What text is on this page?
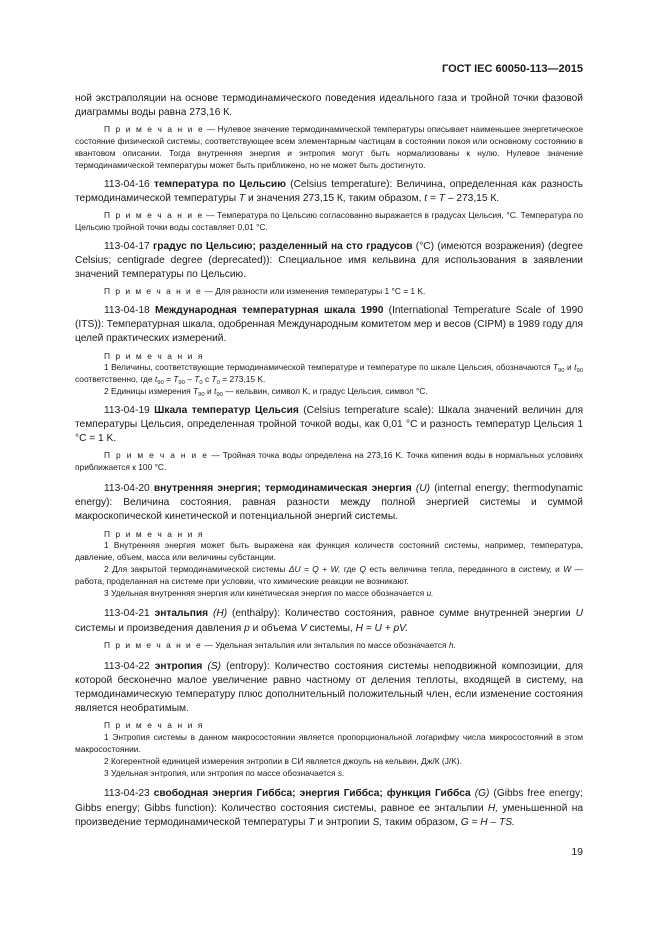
ГОСТ IEC 60050-113—2015

ной экстраполяции на основе термодинамического поведения идеального газа и тройной точки фазовой диаграммы воды равна 273,16 К.

П р и м е ч а н и е — Нулевое значение термодинамической температуры описывает наименьшее энергетическое состояние физической системы, соответствующее всем элементарным частицам в состоянии покоя или основному состоянию в квантовом описании. Тогда внутренняя энергия и энтропия могут быть нормализованы к нулю. Нулевое значение термодинамической температуры может быть приближено, но не может быть достигнуто.

113-04-16 температура по Цельсию (Celsius temperature): Величина, определенная как разность термодинамической температуры T и значения 273,15 К, таким образом, t = T – 273,15 К.

П р и м е ч а н и е — Температура по Цельсию согласованно выражается в градусах Цельсия, °C. Температура по Цельсию тройной точки воды составляет 0,01 °C.

113-04-17 градус по Цельсию; разделенный на сто градусов (°C) (имеются возражения) (degree Celsius; centigrade degree (deprecated)): Специальное имя кельвина для использования в заявлении значений температуры по Цельсию.

П р и м е ч а н и е — Для разности или изменения температуры 1 °C = 1 K.

113-04-18 Международная температурная шкала 1990 (International Temperature Scale of 1990 (ITS)): Температурная шкала, одобренная Международным комитетом мер и весов (CIPM) в 1989 году для целей практических измерений.

П р и м е ч а н и я

1 Величины, соответствующие термодинамической температуре и температуре по шкале Цельсия, обозначаются $T_{90}$ и $t_{90}$ соответственно, где $t_{90} = T_{90} - T_0$ с $T_0 = 273,15$ K.

2 Единицы измерения $T_{90}$ и $t_{90}$ — кельвин, символ K, и градус Цельсия, символ °C.

113-04-19 Шкала температур Цельсия (Celsius temperature scale): Шкала значений величин для температуры Цельсия, определенная тройной точкой воды, как 0,01 °C и разность температур Цельсия 1 °C = 1 K.

П р и м е ч а н и е — Тройная точка воды определена на 273,16 K. Точка кипения воды в нормальных условиях приближается к 100 °C.

113-04-20 внутренняя энергия; термодинамическая энергия (U) (internal energy; thermodynamic energy): Величина состояния, равная разности между полной энергией системы и суммой макроскопической кинетической и потенциальной энергий системы.

П р и м е ч а н и я

1 Внутренняя энергия может быть выражена как функция количеств состояний системы, например, температура, давление, объем, масса или величины субстанции.

2 Для закрытой термодинамической системы ΔU = Q + W, где Q есть величина тепла, переданного в систему, и W — работа, проделанная на системе при условии, что химические реакции не возникают.

3 Удельная внутренняя энергия или кинетическая энергия по массе обозначается u.

113-04-21 энтальпия (H) (enthalpy): Количество состояния, равное сумме внутренней энергии U системы и произведения давления p и объема V системы, H = U + pV.

П р и м е ч а н и е — Удельная энтальпия или энтальпия по массе обозначается h.

113-04-22 энтропия (S) (entropy): Количество состояния системы неподвижной композиции, для которой бесконечно малое увеличение равно частному от деления теплоты, входящей в систему, на термодинамическую температуру плюс дополнительный положительный член, если изменение состояния является необратимым.

П р и м е ч а н и я

1 Энтропия системы в данном макросостоянии является пропорциональной логарифму числа микросостояний в этом макросостоянии.

2 Когерентной единицей измерения энтропии в СИ является джоуль на кельвин, Дж/К (J/K).

3 Удельная энтропия, или энтропия по массе обозначается s.

113-04-23 свободная энергия Гиббса; энергия Гиббса; функция Гиббса (G) (Gibbs free energy; Gibbs energy; Gibbs function): Количество состояния системы, равное ее энтальпии H, уменьшенной на произведение термодинамической температуры T и энтропии S, таким образом, G = H – TS.

19
